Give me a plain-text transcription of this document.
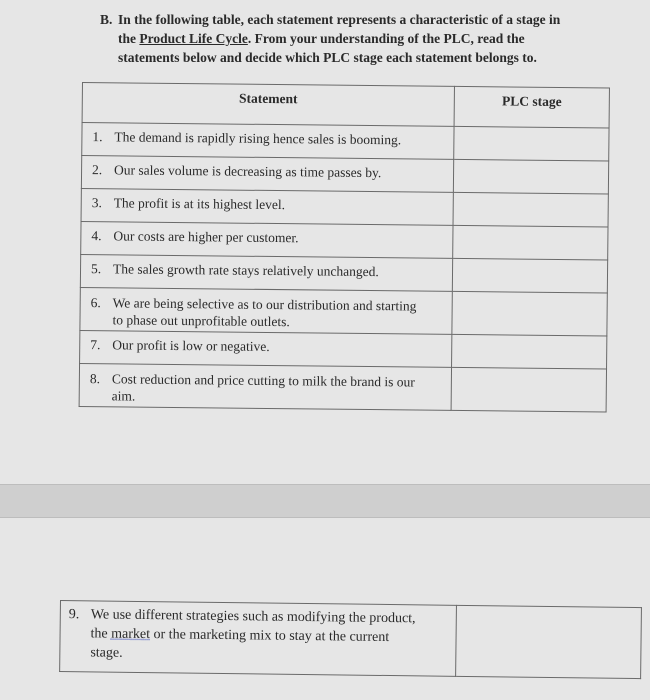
B. In the following table, each statement represents a characteristic of a stage in
the Product Life Cycle. From your understanding of the PLC, read the
statements below and decide which PLC stage each statement belongs to.
Statement	PLC stage
1. The demand is rapidly rising hence sales is booming.	
2. Our sales volume is decreasing as time passes by.	
3. The profit is at its highest level.	
4. Our costs are higher per customer.	
5. The sales growth rate stays relatively unchanged.	
6. We are being selective as to our distribution and starting
to phase out unprofitable outlets.	

7. Our profit is low or negative.	
8. Cost reduction and price cutting to milk the brand is our
aim.	

9. We use different strategies such as modifying the product,
the market or the marketing mix to stay at the current
stage.
